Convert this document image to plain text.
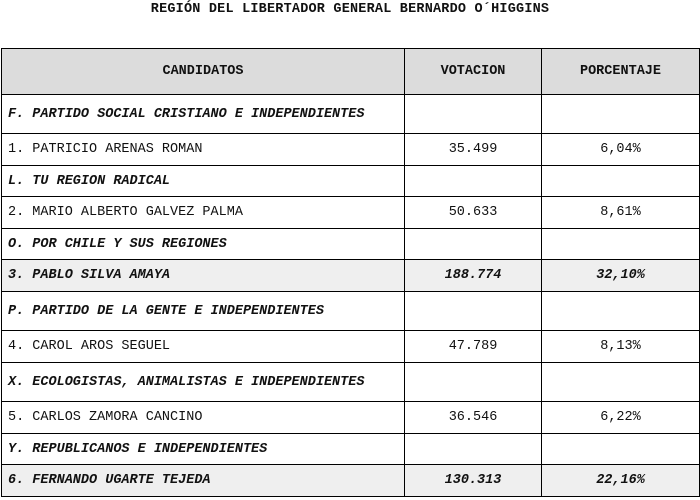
REGIÓN DEL LIBERTADOR GENERAL BERNARDO O´HIGGINS
CANDIDATOS	VOTACION	PORCENTAJE
F. PARTIDO SOCIAL CRISTIANO E INDEPENDIENTES		
1. PATRICIO ARENAS ROMAN	35.499	6,04%
L. TU REGION RADICAL		
2. MARIO ALBERTO GALVEZ PALMA	50.633	8,61%
O. POR CHILE Y SUS REGIONES		
3. PABLO SILVA AMAYA	188.774	32,10%
P. PARTIDO DE LA GENTE E INDEPENDIENTES		
4. CAROL AROS SEGUEL	47.789	8,13%
X. ECOLOGISTAS, ANIMALISTAS E INDEPENDIENTES		
5. CARLOS ZAMORA CANCINO	36.546	6,22%
Y. REPUBLICANOS E INDEPENDIENTES		
6. FERNANDO UGARTE TEJEDA	130.313	22,16%
